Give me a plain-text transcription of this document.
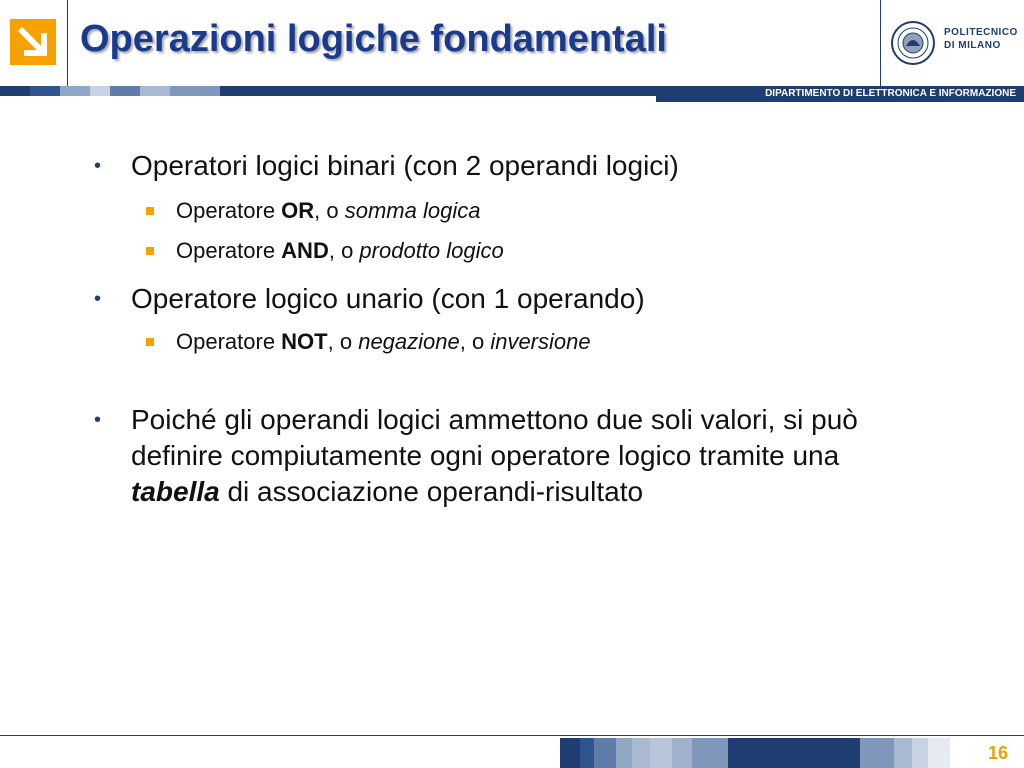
Operazioni logiche fondamentali	POLITECNICO
DI MILANO
DIPARTIMENTO DI ELETTRONICA E INFORMAZIONE
• Operatori logici binari (con 2 operandi logici)
Operatore OR, o somma logica
Operatore AND, o prodotto logico
• Operatore logico unario (con 1 operando)
Operatore NOT, o negazione, o inversione
• Poiché gli operandi logici ammettono due soli valori, si può definire compiutamente ogni operatore logico tramite una tabella di associazione operandi-risultato
16
